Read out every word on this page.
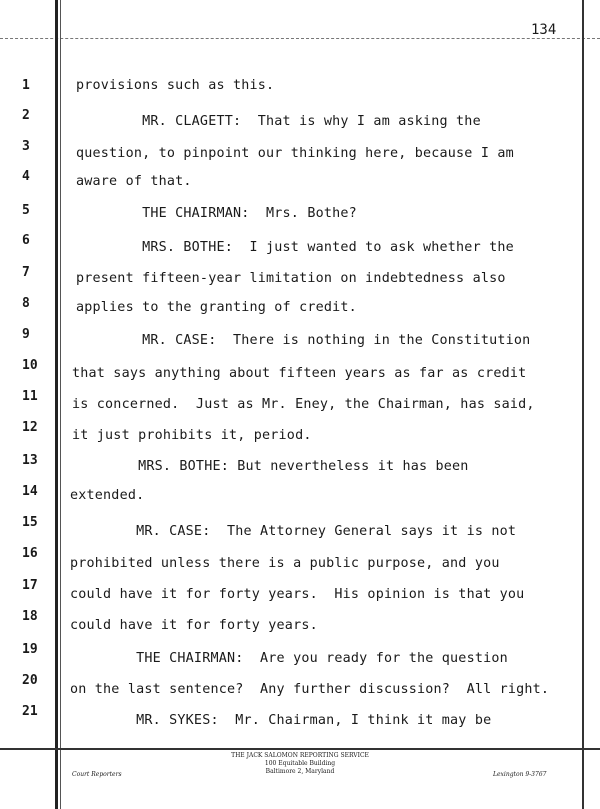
134
1
2
3
4
5
6
7
8
9
10
11
12
13
14
15
16
17
18
19
20
21
provisions such as this.
MR. CLAGETT:  That is why I am asking the
question, to pinpoint our thinking here, because I am
aware of that.
THE CHAIRMAN:  Mrs. Bothe?
MRS. BOTHE:  I just wanted to ask whether the
present fifteen-year limitation on indebtedness also
applies to the granting of credit.
MR. CASE:  There is nothing in the Constitution
that says anything about fifteen years as far as credit
is concerned.  Just as Mr. Eney, the Chairman, has said,
it just prohibits it, period.
MRS. BOTHE: But nevertheless it has been
extended.
MR. CASE:  The Attorney General says it is not
prohibited unless there is a public purpose, and you
could have it for forty years.  His opinion is that you
could have it for forty years.
THE CHAIRMAN:  Are you ready for the question
on the last sentence?  Any further discussion?  All right.
MR. SYKES:  Mr. Chairman, I think it may be
THE JACK SALOMON REPORTING SERVICE
100 Equitable Building
Baltimore 2, Maryland
Court Reporters	Lexington 9-3767
